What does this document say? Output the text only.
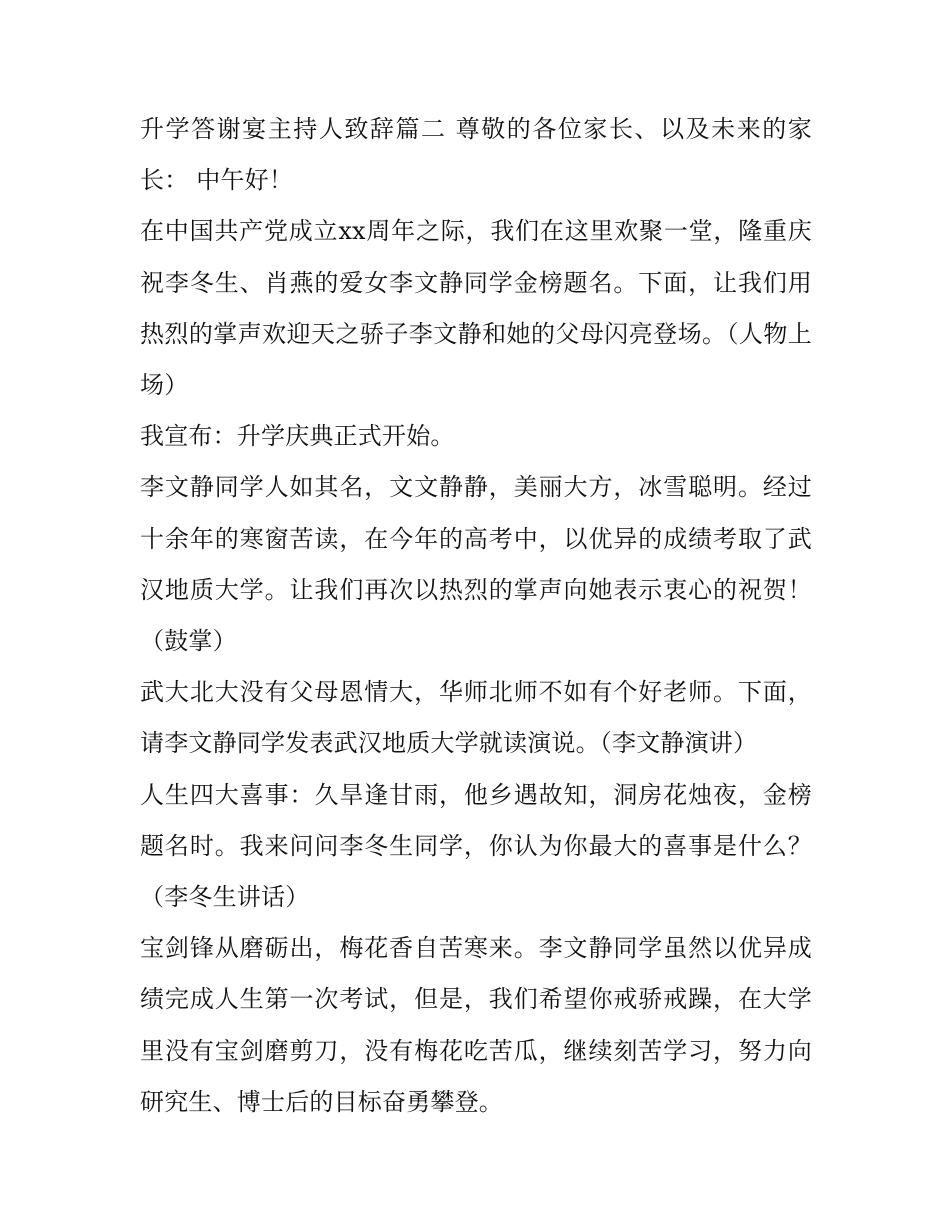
升学答谢宴主持人致辞篇二 尊敬的各位家长、以及未来的家长： 中午好！

在中国共产党成立xx周年之际，我们在这里欢聚一堂，隆重庆祝李冬生、肖燕的爱女李文静同学金榜题名。下面，让我们用热烈的掌声欢迎天之骄子李文静和她的父母闪亮登场。（人物上场）

我宣布：升学庆典正式开始。

李文静同学人如其名，文文静静，美丽大方，冰雪聪明。经过十余年的寒窗苦读，在今年的高考中，以优异的成绩考取了武汉地质大学。让我们再次以热烈的掌声向她表示衷心的祝贺！（鼓掌）

武大北大没有父母恩情大，华师北师不如有个好老师。下面，请李文静同学发表武汉地质大学就读演说。（李文静演讲）

人生四大喜事：久旱逢甘雨，他乡遇故知，洞房花烛夜，金榜题名时。我来问问李冬生同学，你认为你最大的喜事是什么？（李冬生讲话）

宝剑锋从磨砺出，梅花香自苦寒来。李文静同学虽然以优异成绩完成人生第一次考试，但是，我们希望你戒骄戒躁，在大学里没有宝剑磨剪刀，没有梅花吃苦瓜，继续刻苦学习，努力向研究生、博士后的目标奋勇攀登。
